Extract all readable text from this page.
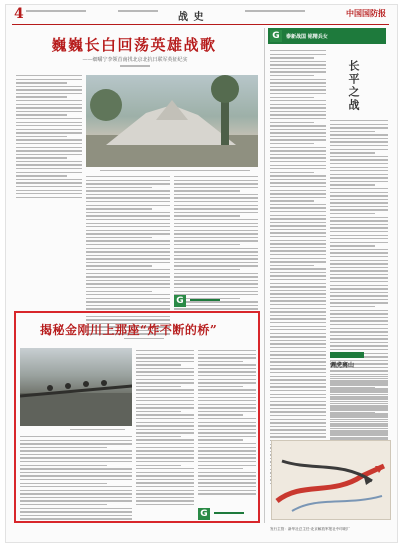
4	战 史	中国国防报
巍巍长白回荡英雄战歌
——细嚼宁李领首南找北京北抗日联军英征纪实
G
揭秘金刚川上那座“炸不断的桥”
G
G	泰新战国 铭精兵女
长平之战
调虎离山
发行主管：新华社总主任·北京解放军报社中印刷厂
